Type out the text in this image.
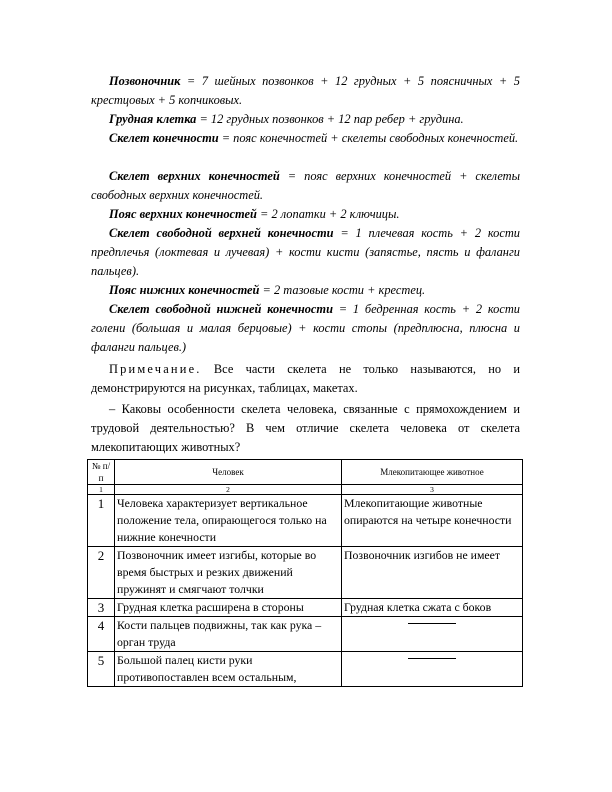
Позвоночник = 7 шейных позвонков + 12 грудных + 5 поясничных + 5 крестцовых + 5 копчиковых.
Грудная клетка = 12 грудных позвонков + 12 пар ребер + грудина.
Скелет конечности = пояс конечностей + скелеты свободных конечностей.
Скелет верхних конечностей = пояс верхних конечностей + скелеты свободных верхних конечностей.
Пояс верхних конечностей = 2 лопатки + 2 ключицы.
Скелет свободной верхней конечности = 1 плечевая кость + 2 кости предплечья (локтевая и лучевая) + кости кисти (запястье, пясть и фаланги пальцев).
Пояс нижних конечностей = 2 тазовые кости + крестец.
Скелет свободной нижней конечности = 1 бедренная кость + 2 кости голени (большая и малая берцовые) + кости стопы (предплюсна, плюсна и фаланги пальцев.)
Примечание. Все части скелета не только называются, но и демонстрируются на рисунках, таблицах, макетах.
– Каковы особенности скелета человека, связанные с прямохождением и трудовой деятельностью? В чем отличие скелета человека от скелета млекопитающих животных?
№ п/п	Человек	Млекопитающее животное
1	2	3
1	Человека характеризует вертикальное положение тела, опирающегося только на нижние конечности	Млекопитающие животные опираются на четыре конечности
2	Позвоночник имеет изгибы, которые во время быстрых и резких движений пружинят и смягчают толчки	Позвоночник изгибов не имеет
3	Грудная клетка расширена в стороны	Грудная клетка сжата с боков
4	Кости пальцев подвижны, так как рука – орган труда	

5	Большой палец кисти руки противопоставлен всем остальным,	
